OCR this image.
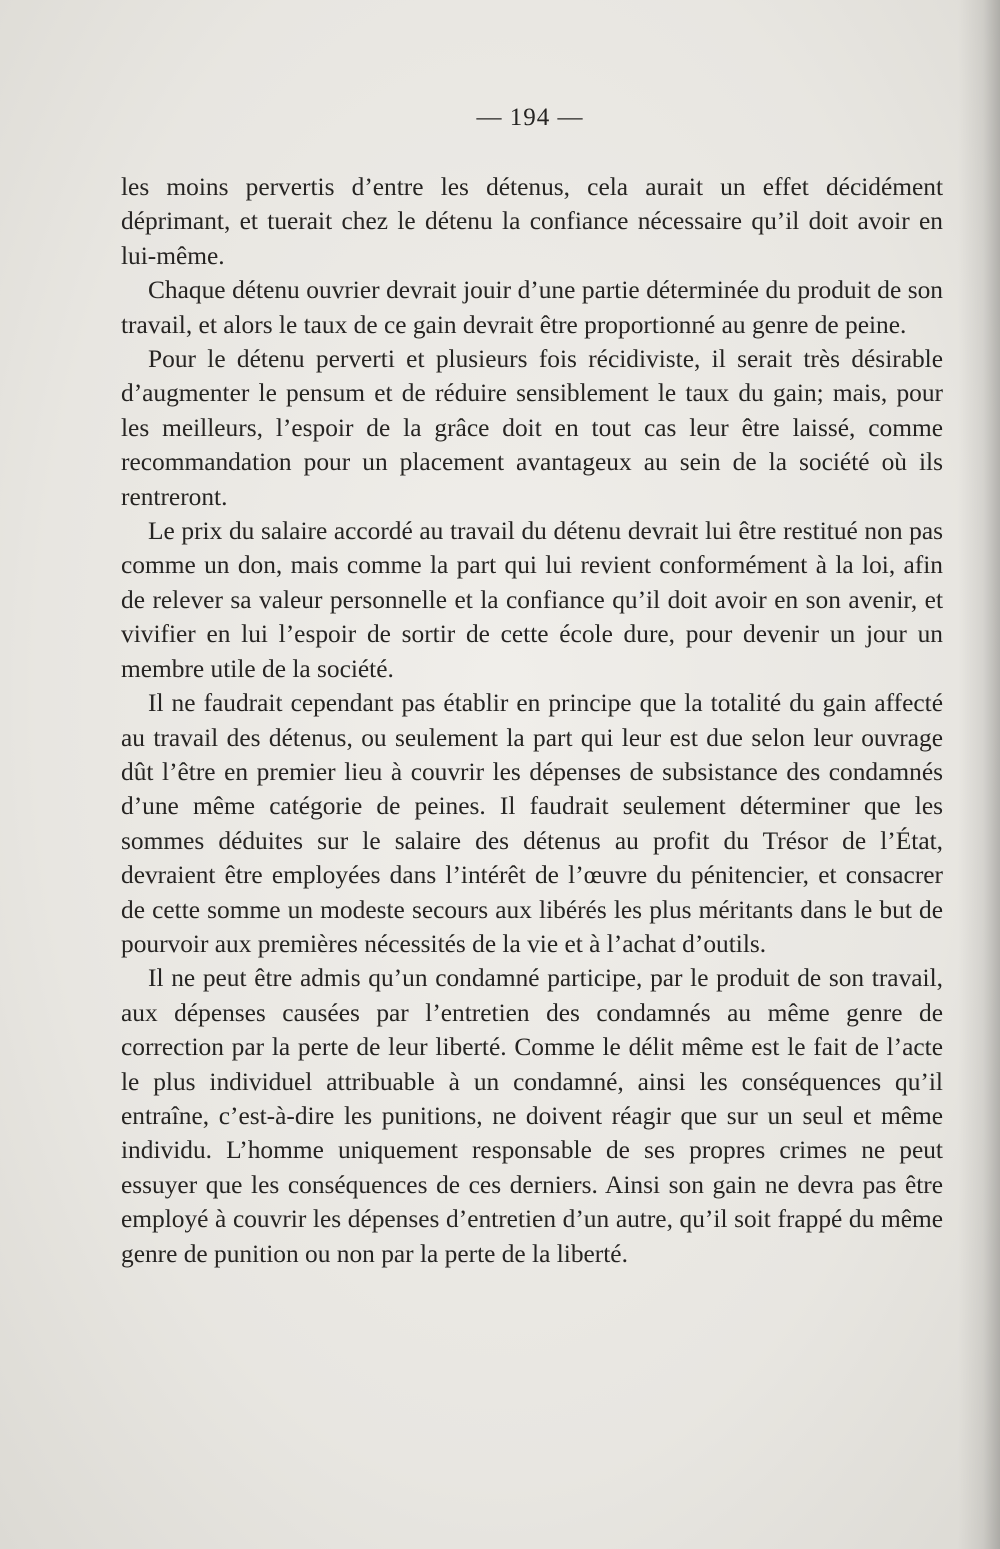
— 194 —

les moins pervertis d’entre les détenus, cela aurait un effet décidément déprimant, et tuerait chez le détenu la confiance nécessaire qu’il doit avoir en lui-même.

Chaque détenu ouvrier devrait jouir d’une partie déterminée du produit de son travail, et alors le taux de ce gain devrait être proportionné au genre de peine.

Pour le détenu perverti et plusieurs fois récidiviste, il serait très désirable d’augmenter le pensum et de réduire sensiblement le taux du gain; mais, pour les meilleurs, l’espoir de la grâce doit en tout cas leur être laissé, comme recommandation pour un placement avantageux au sein de la société où ils rentreront.

Le prix du salaire accordé au travail du détenu devrait lui être restitué non pas comme un don, mais comme la part qui lui revient conformément à la loi, afin de relever sa valeur personnelle et la confiance qu’il doit avoir en son avenir, et vivifier en lui l’espoir de sortir de cette école dure, pour devenir un jour un membre utile de la société.

Il ne faudrait cependant pas établir en principe que la totalité du gain affecté au travail des détenus, ou seulement la part qui leur est due selon leur ouvrage dût l’être en premier lieu à couvrir les dépenses de subsistance des condamnés d’une même catégorie de peines. Il faudrait seulement déterminer que les sommes déduites sur le salaire des détenus au profit du Trésor de l’État, devraient être employées dans l’intérêt de l’œuvre du pénitencier, et consacrer de cette somme un modeste secours aux libérés les plus méritants dans le but de pourvoir aux premières nécessités de la vie et à l’achat d’outils.

Il ne peut être admis qu’un condamné participe, par le produit de son travail, aux dépenses causées par l’entretien des condamnés au même genre de correction par la perte de leur liberté. Comme le délit même est le fait de l’acte le plus individuel attribuable à un condamné, ainsi les conséquences qu’il entraîne, c’est-à-dire les punitions, ne doivent réagir que sur un seul et même individu. L’homme uniquement responsable de ses propres crimes ne peut essuyer que les conséquences de ces derniers. Ainsi son gain ne devra pas être employé à couvrir les dépenses d’entretien d’un autre, qu’il soit frappé du même genre de punition ou non par la perte de la liberté.
